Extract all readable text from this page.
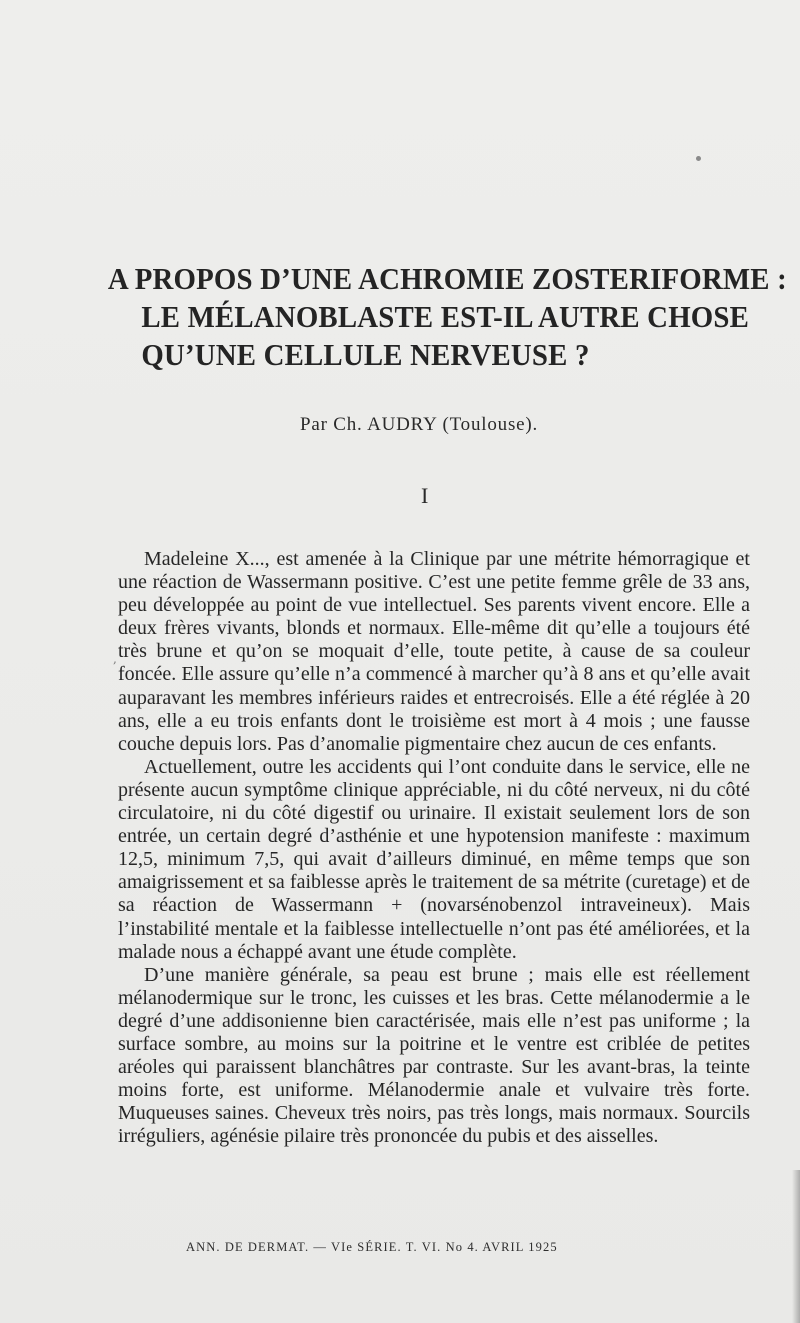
A PROPOS D’UNE ACHROMIE ZOSTERIFORME :
LE MÉLANOBLASTE EST-IL AUTRE CHOSE
QU’UNE CELLULE NERVEUSE ?
Par Ch. AUDRY (Toulouse).
I
,

Madeleine X..., est amenée à la Clinique par une métrite hémorragique et une réaction de Wassermann positive. C’est une petite femme grêle de 33 ans, peu développée au point de vue intellectuel. Ses parents vivent encore. Elle a deux frères vivants, blonds et normaux. Elle-même dit qu’elle a toujours été très brune et qu’on se moquait d’elle, toute petite, à cause de sa couleur foncée. Elle assure qu’elle n’a commencé à marcher qu’à 8 ans et qu’elle avait auparavant les membres inférieurs raides et entrecroisés. Elle a été réglée à 20 ans, elle a eu trois enfants dont le troisième est mort à 4 mois ; une fausse couche depuis lors. Pas d’anomalie pigmentaire chez aucun de ces enfants.

Actuellement, outre les accidents qui l’ont conduite dans le service, elle ne présente aucun symptôme clinique appréciable, ni du côté nerveux, ni du côté circulatoire, ni du côté digestif ou urinaire. Il existait seulement lors de son entrée, un certain degré d’asthénie et une hypotension manifeste : maximum 12,5, minimum 7,5, qui avait d’ailleurs diminué, en même temps que son amaigrissement et sa faiblesse après le traitement de sa métrite (curetage) et de sa réaction de Wassermann + (novarsénobenzol intraveineux). Mais l’instabilité mentale et la faiblesse intellectuelle n’ont pas été améliorées, et la malade nous a échappé avant une étude complète.

D’une manière générale, sa peau est brune ; mais elle est réellement mélanodermique sur le tronc, les cuisses et les bras. Cette mélanodermie a le degré d’une addisonienne bien caractérisée, mais elle n’est pas uniforme ; la surface sombre, au moins sur la poitrine et le ventre est criblée de petites aréoles qui paraissent blanchâtres par contraste. Sur les avant-bras, la teinte moins forte, est uniforme. Mélanodermie anale et vulvaire très forte. Muqueuses saines. Cheveux très noirs, pas très longs, mais normaux. Sourcils irréguliers, agénésie pilaire très prononcée du pubis et des aisselles.

ANN. DE DERMAT. — VIe SÉRIE. T. VI. No 4. AVRIL 1925
